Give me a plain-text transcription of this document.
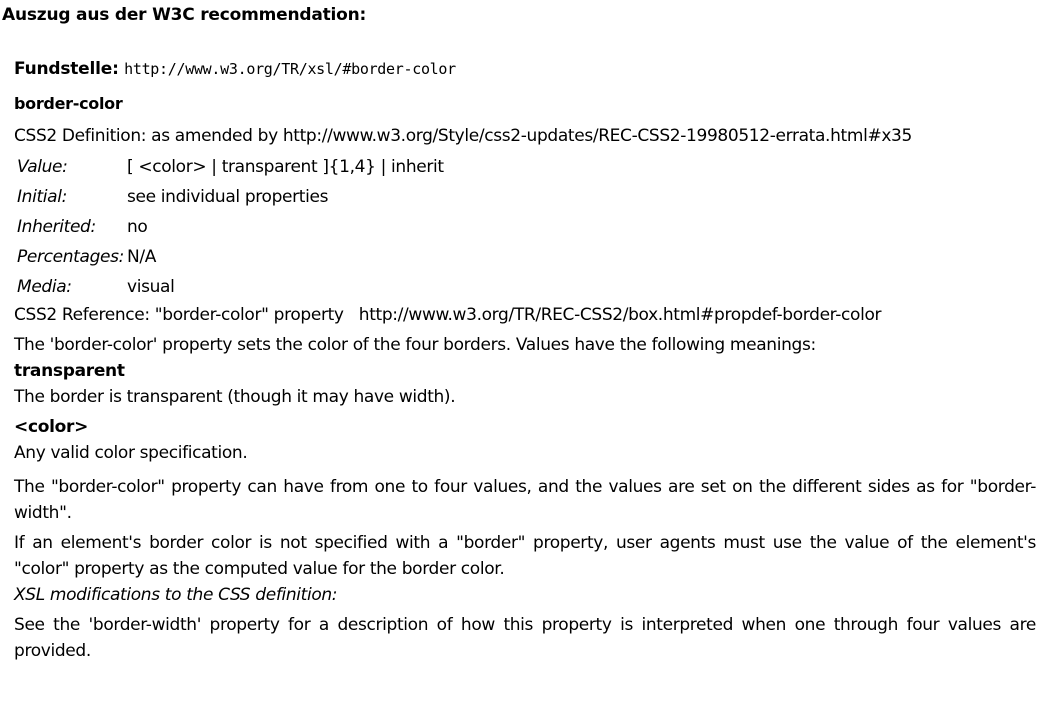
Auszug aus der W3C recommendation:
Fundstelle: http://www.w3.org/TR/xsl/#border-color
border-color
CSS2 Definition: as amended by http://www.w3.org/Style/css2-updates/REC-CSS2-19980512-errata.html#x35
Value:	[ <color> | transparent ]{1,4} | inherit
Initial:	see individual properties
Inherited:	no
Percentages:	N/A
Media:	visual
CSS2 Reference: "border-color" property   http://www.w3.org/TR/REC-CSS2/box.html#propdef-border-color
The 'border-color' property sets the color of the four borders. Values have the following meanings:
transparent
The border is transparent (though it may have width).
<color>
Any valid color specification.
The "border-color" property can have from one to four values, and the values are set on the different sides as for "border-width".
If an element's border color is not specified with a "border" property, user agents must use the value of the element's "color" property as the computed value for the border color.
XSL modifications to the CSS definition:
See the 'border-width' property for a description of how this property is interpreted when one through four values are provided.
